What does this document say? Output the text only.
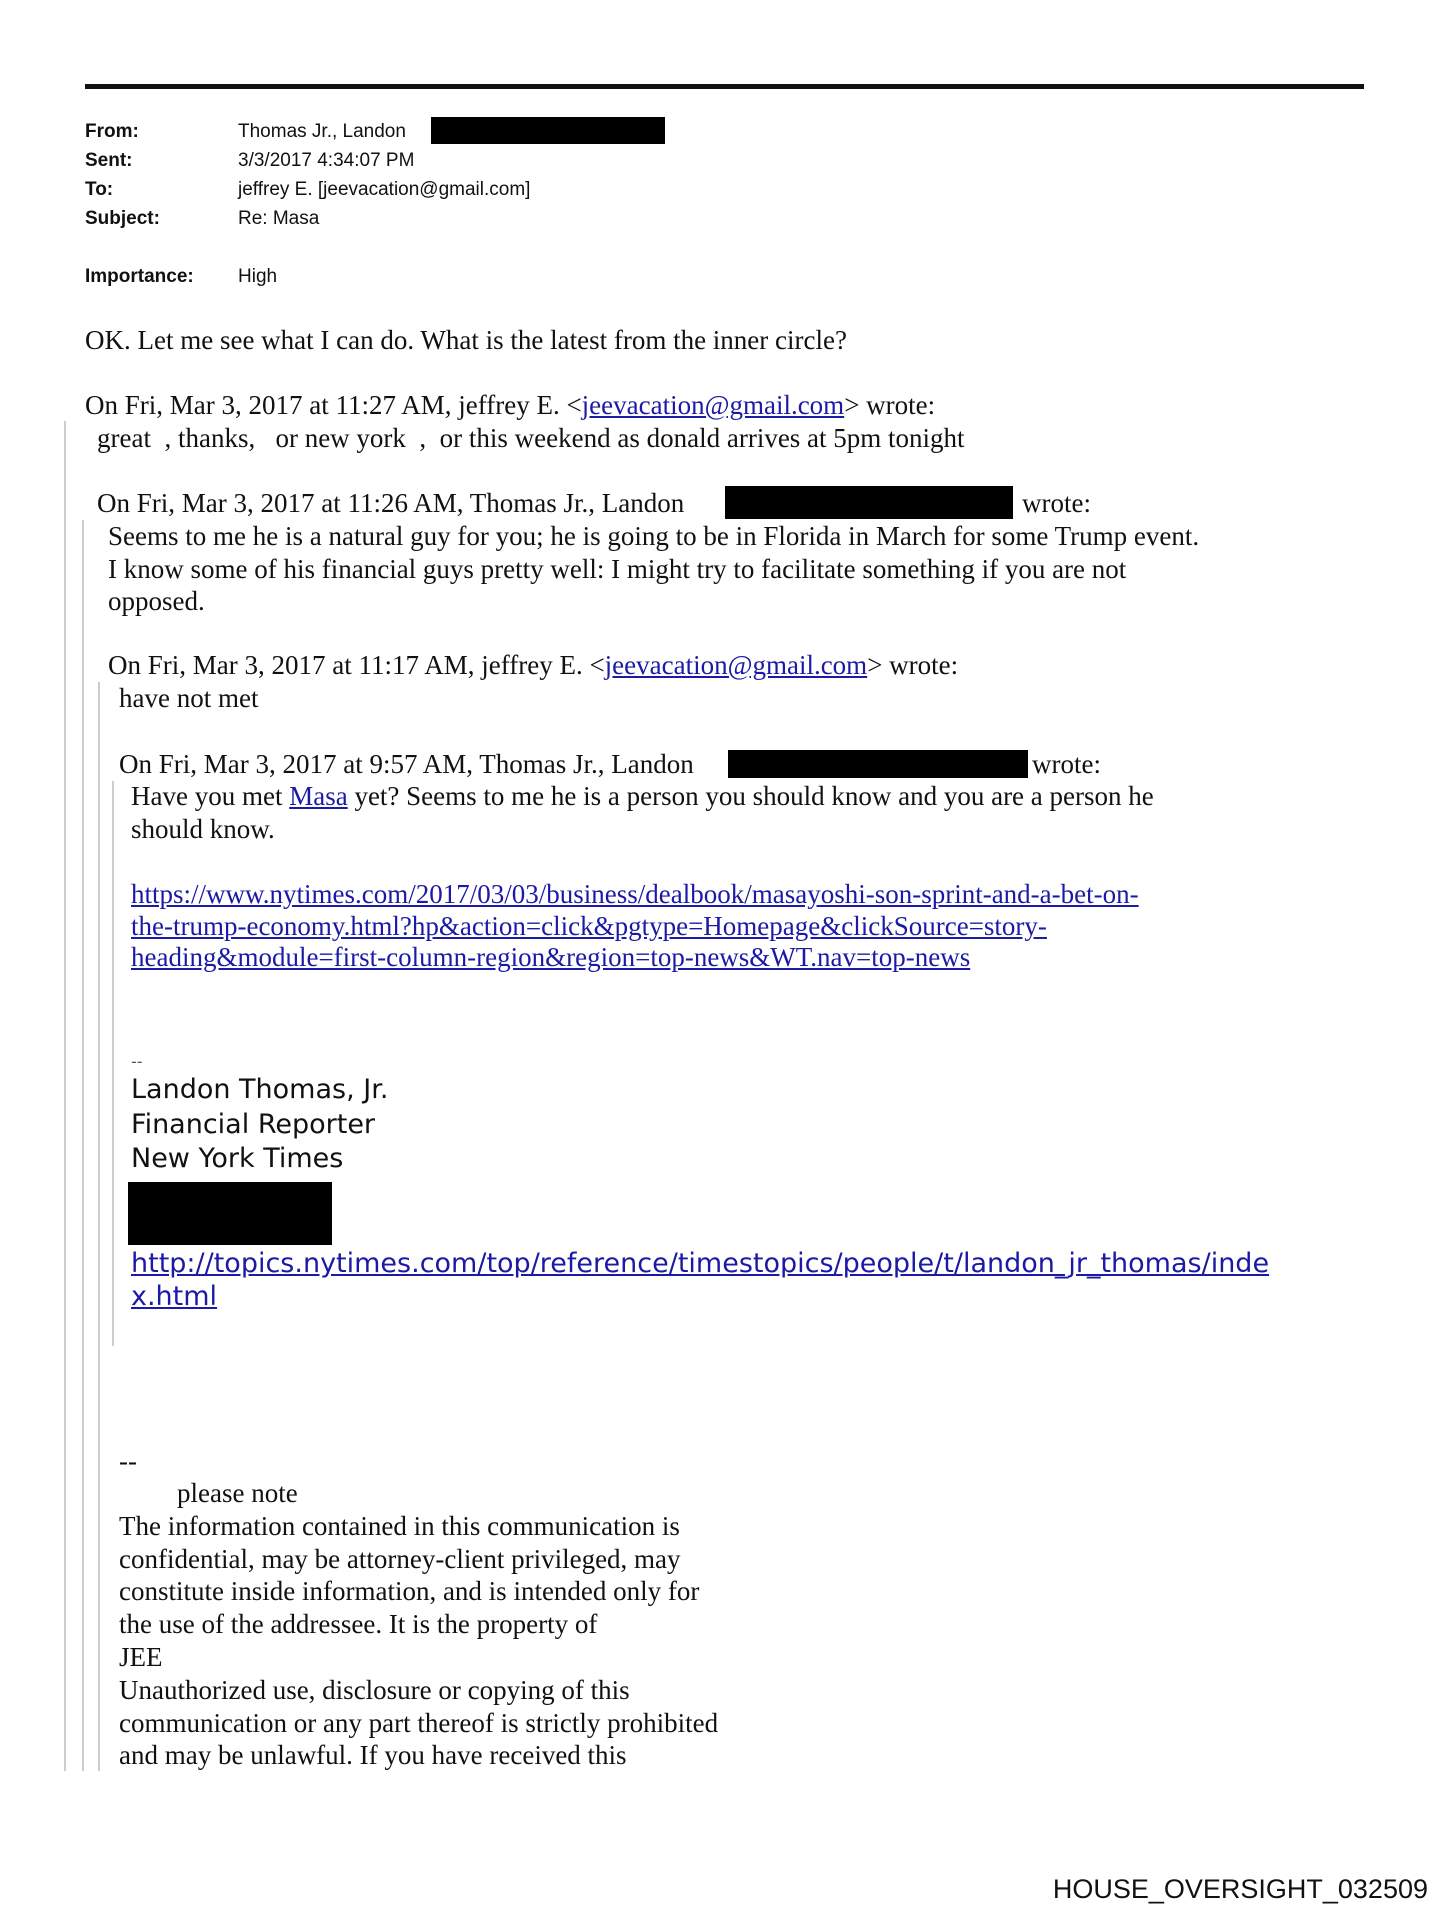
From:	Thomas Jr., Landon
Sent:	3/3/2017 4:34:07 PM
To:	jeffrey E. [jeevacation@gmail.com]
Subject:	Re: Masa
Importance: High
OK. Let me see what I can do. What is the latest from the inner circle?
On Fri, Mar 3, 2017 at 11:27 AM, jeffrey E. <jeevacation@gmail.com> wrote:
great  , thanks,   or new york  ,  or this weekend as donald arrives at 5pm tonight
On Fri, Mar 3, 2017 at 11:26 AM, Thomas Jr., Landon	wrote:
Seems to me he is a natural guy for you; he is going to be in Florida in March for some Trump event.
I know some of his financial guys pretty well: I might try to facilitate something if you are not
opposed.
On Fri, Mar 3, 2017 at 11:17 AM, jeffrey E. <jeevacation@gmail.com> wrote:
have not met
On Fri, Mar 3, 2017 at 9:57 AM, Thomas Jr., Landon	wrote:
Have you met Masa yet? Seems to me he is a person you should know and you are a person he
should know.
https://www.nytimes.com/2017/03/03/business/dealbook/masayoshi-son-sprint-and-a-bet-on-
the-trump-economy.html?hp&action=click&pgtype=Homepage&clickSource=story-
heading&module=first-column-region&region=top-news&WT.nav=top-news
--
Landon Thomas, Jr.
Financial Reporter
New York Times
http://topics.nytimes.com/top/reference/timestopics/people/t/landon_jr_thomas/inde
x.html
--
please note
The information contained in this communication is
confidential, may be attorney-client privileged, may
constitute inside information, and is intended only for
the use of the addressee. It is the property of
JEE
Unauthorized use, disclosure or copying of this
communication or any part thereof is strictly prohibited
and may be unlawful. If you have received this
HOUSE_OVERSIGHT_032509
